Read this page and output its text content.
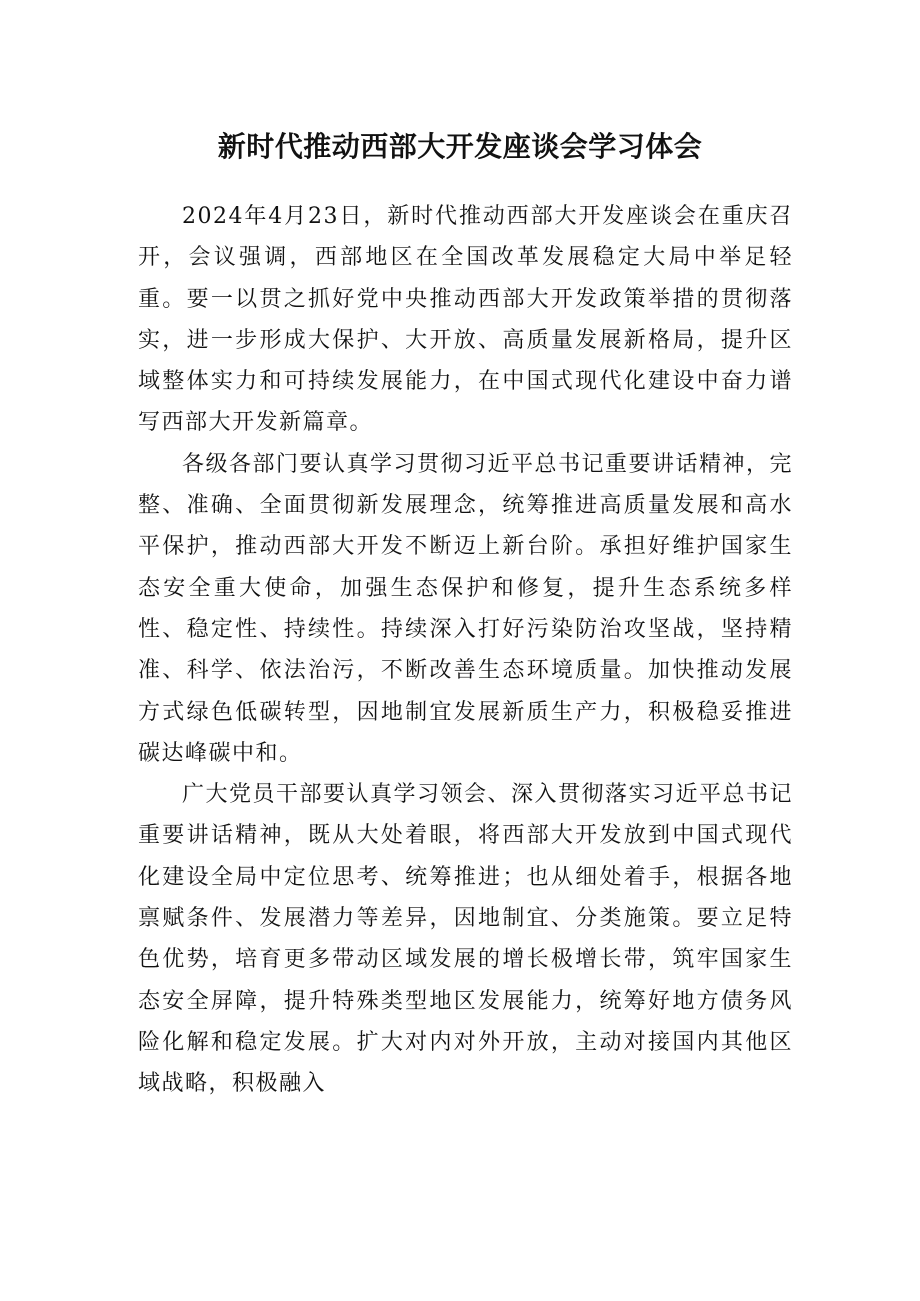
新时代推动西部大开发座谈会学习体会

2024年4月23日，新时代推动西部大开发座谈会在重庆召开，会议强调，西部地区在全国改革发展稳定大局中举足轻重。要一以贯之抓好党中央推动西部大开发政策举措的贯彻落实，进一步形成大保护、大开放、高质量发展新格局，提升区域整体实力和可持续发展能力，在中国式现代化建设中奋力谱写西部大开发新篇章。

各级各部门要认真学习贯彻习近平总书记重要讲话精神，完整、准确、全面贯彻新发展理念，统筹推进高质量发展和高水平保护，推动西部大开发不断迈上新台阶。承担好维护国家生态安全重大使命，加强生态保护和修复，提升生态系统多样性、稳定性、持续性。持续深入打好污染防治攻坚战，坚持精准、科学、依法治污，不断改善生态环境质量。加快推动发展方式绿色低碳转型，因地制宜发展新质生产力，积极稳妥推进碳达峰碳中和。

广大党员干部要认真学习领会、深入贯彻落实习近平总书记重要讲话精神，既从大处着眼，将西部大开发放到中国式现代化建设全局中定位思考、统筹推进；也从细处着手，根据各地禀赋条件、发展潜力等差异，因地制宜、分类施策。要立足特色优势，培育更多带动区域发展的增长极增长带，筑牢国家生态安全屏障，提升特殊类型地区发展能力，统筹好地方债务风险化解和稳定发展。扩大对内对外开放，主动对接国内其他区域战略，积极融入
